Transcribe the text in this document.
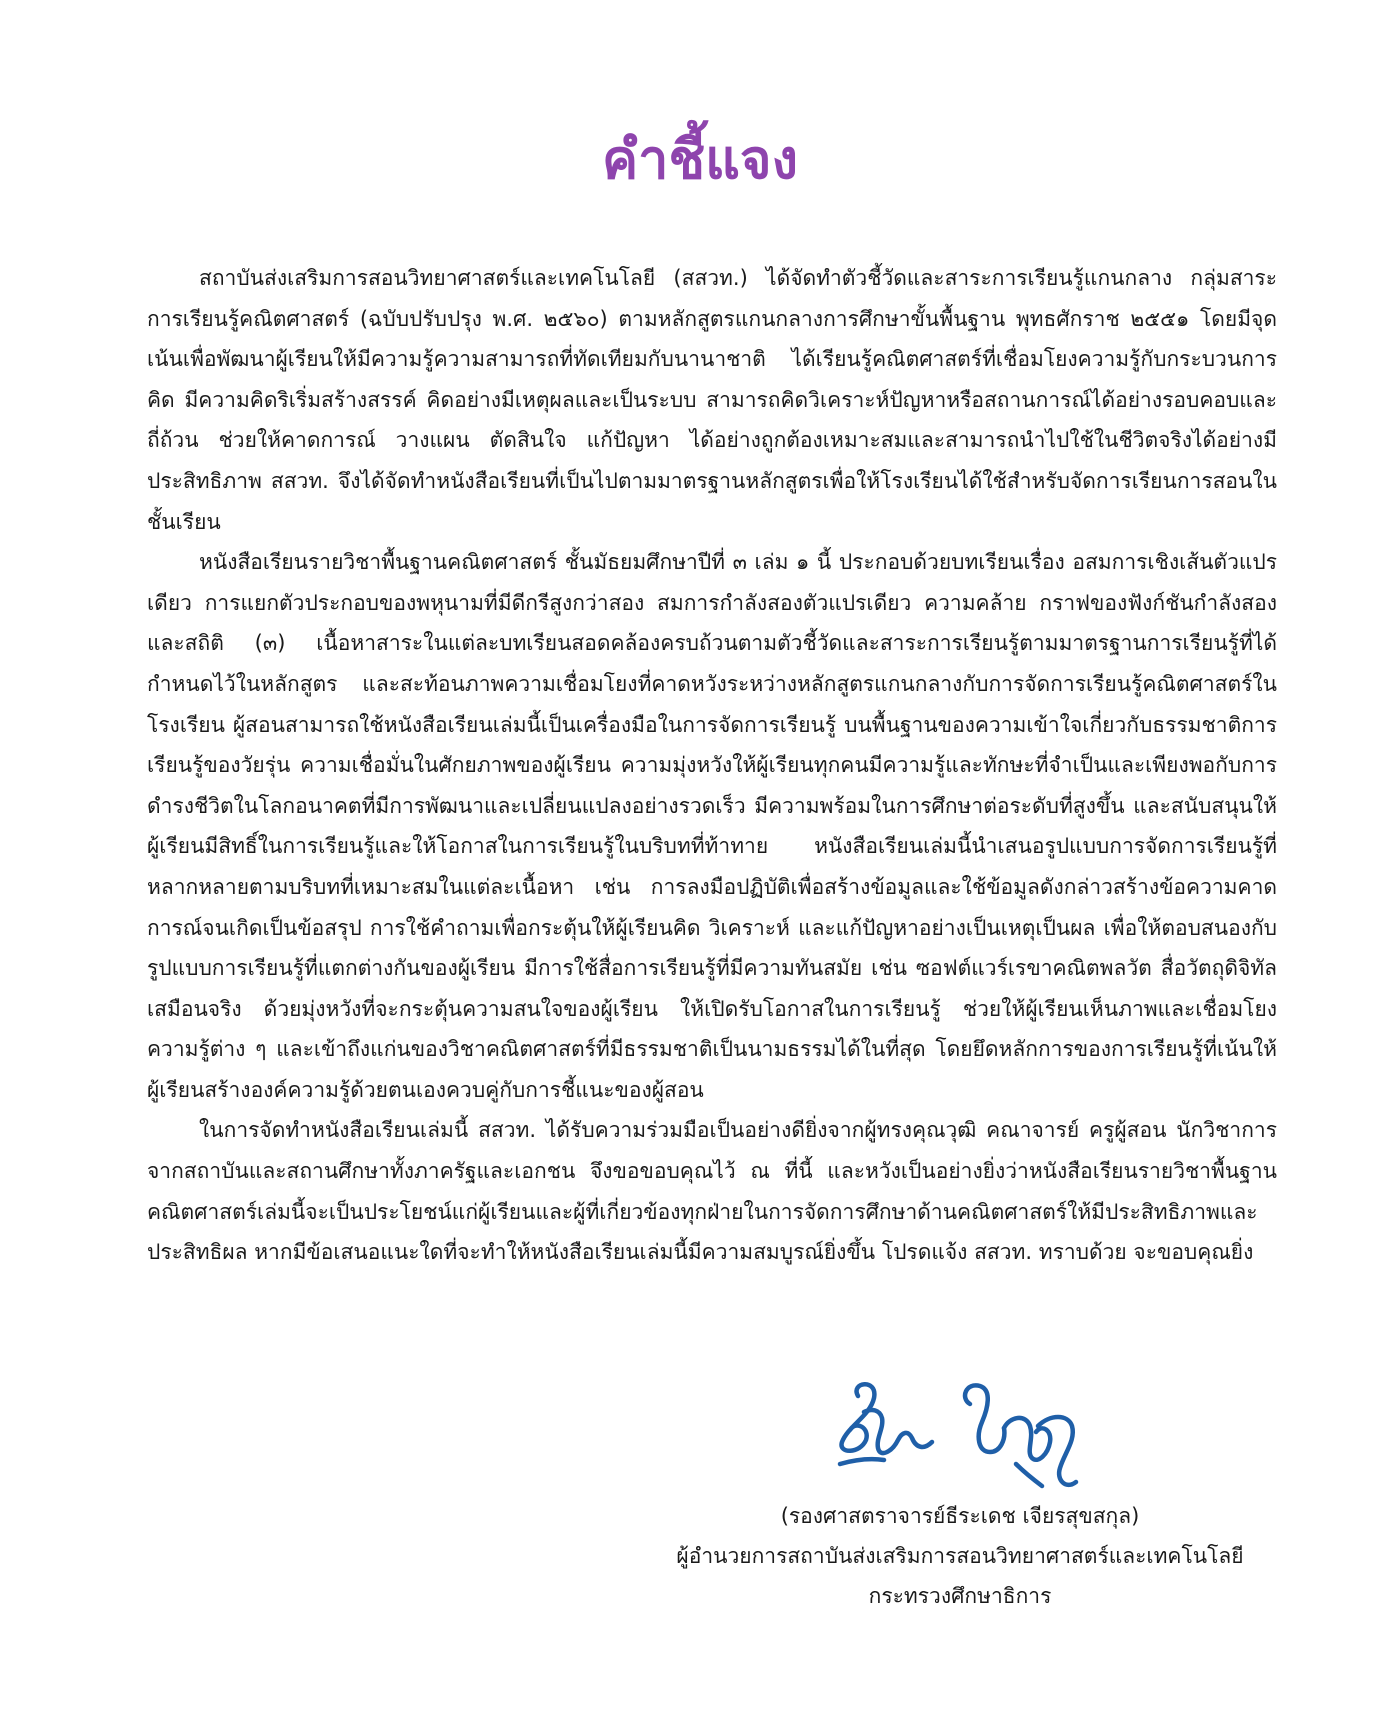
คำชี้แจง

สถาบันส่งเสริมการสอนวิทยาศาสตร์และเทคโนโลยี (สสวท.) ได้จัดทำตัวชี้วัดและสาระการเรียนรู้แกนกลาง กลุ่มสาระการเรียนรู้คณิตศาสตร์ (ฉบับปรับปรุง พ.ศ. ๒๕๖๐) ตามหลักสูตรแกนกลางการศึกษาขั้นพื้นฐาน พุทธศักราช ๒๕๕๑ โดยมีจุดเน้นเพื่อพัฒนาผู้เรียนให้มีความรู้ความสามารถที่ทัดเทียมกับนานาชาติ ได้เรียนรู้คณิตศาสตร์ที่เชื่อมโยงความรู้กับกระบวนการคิด มีความคิดริเริ่มสร้างสรรค์ คิดอย่างมีเหตุผลและเป็นระบบ สามารถคิดวิเคราะห์ปัญหาหรือสถานการณ์ได้อย่างรอบคอบและถี่ถ้วน ช่วยให้คาดการณ์ วางแผน ตัดสินใจ แก้ปัญหา ได้อย่างถูกต้องเหมาะสมและสามารถนำไปใช้ในชีวิตจริงได้อย่างมีประสิทธิภาพ สสวท. จึงได้จัดทำหนังสือเรียนที่เป็นไปตามมาตรฐานหลักสูตรเพื่อให้โรงเรียนได้ใช้สำหรับจัดการเรียนการสอนในชั้นเรียน

หนังสือเรียนรายวิชาพื้นฐานคณิตศาสตร์ ชั้นมัธยมศึกษาปีที่ ๓ เล่ม ๑ นี้ ประกอบด้วยบทเรียนเรื่อง อสมการเชิงเส้นตัวแปรเดียว การแยกตัวประกอบของพหุนามที่มีดีกรีสูงกว่าสอง สมการกำลังสองตัวแปรเดียว ความคล้าย กราฟของฟังก์ชันกำลังสอง และสถิติ (๓) เนื้อหาสาระในแต่ละบทเรียนสอดคล้องครบถ้วนตามตัวชี้วัดและสาระการเรียนรู้ตามมาตรฐานการเรียนรู้ที่ได้กำหนดไว้ในหลักสูตร และสะท้อนภาพความเชื่อมโยงที่คาดหวังระหว่างหลักสูตรแกนกลางกับการจัดการเรียนรู้คณิตศาสตร์ในโรงเรียน ผู้สอนสามารถใช้หนังสือเรียนเล่มนี้เป็นเครื่องมือในการจัดการเรียนรู้ บนพื้นฐานของความเข้าใจเกี่ยวกับธรรมชาติการเรียนรู้ของวัยรุ่น ความเชื่อมั่นในศักยภาพของผู้เรียน ความมุ่งหวังให้ผู้เรียนทุกคนมีความรู้และทักษะที่จำเป็นและเพียงพอกับการดำรงชีวิตในโลกอนาคตที่มีการพัฒนาและเปลี่ยนแปลงอย่างรวดเร็ว มีความพร้อมในการศึกษาต่อระดับที่สูงขึ้น และสนับสนุนให้ผู้เรียนมีสิทธิ์ในการเรียนรู้และให้โอกาสในการเรียนรู้ในบริบทที่ท้าทาย หนังสือเรียนเล่มนี้นำเสนอรูปแบบการจัดการเรียนรู้ที่หลากหลายตามบริบทที่เหมาะสมในแต่ละเนื้อหา เช่น การลงมือปฏิบัติเพื่อสร้างข้อมูลและใช้ข้อมูลดังกล่าวสร้างข้อความคาดการณ์จนเกิดเป็นข้อสรุป การใช้คำถามเพื่อกระตุ้นให้ผู้เรียนคิด วิเคราะห์ และแก้ปัญหาอย่างเป็นเหตุเป็นผล เพื่อให้ตอบสนองกับรูปแบบการเรียนรู้ที่แตกต่างกันของผู้เรียน มีการใช้สื่อการเรียนรู้ที่มีความทันสมัย เช่น ซอฟต์แวร์เรขาคณิตพลวัต สื่อวัตถุดิจิทัลเสมือนจริง ด้วยมุ่งหวังที่จะกระตุ้นความสนใจของผู้เรียน ให้เปิดรับโอกาสในการเรียนรู้ ช่วยให้ผู้เรียนเห็นภาพและเชื่อมโยงความรู้ต่าง ๆ และเข้าถึงแก่นของวิชาคณิตศาสตร์ที่มีธรรมชาติเป็นนามธรรมได้ในที่สุด โดยยึดหลักการของการเรียนรู้ที่เน้นให้ผู้เรียนสร้างองค์ความรู้ด้วยตนเองควบคู่กับการชี้แนะของผู้สอน

ในการจัดทำหนังสือเรียนเล่มนี้ สสวท. ได้รับความร่วมมือเป็นอย่างดียิ่งจากผู้ทรงคุณวุฒิ คณาจารย์ ครูผู้สอน นักวิชาการจากสถาบันและสถานศึกษาทั้งภาครัฐและเอกชน จึงขอขอบคุณไว้ ณ ที่นี้ และหวังเป็นอย่างยิ่งว่าหนังสือเรียนรายวิชาพื้นฐานคณิตศาสตร์เล่มนี้จะเป็นประโยชน์แก่ผู้เรียนและผู้ที่เกี่ยวข้องทุกฝ่ายในการจัดการศึกษาด้านคณิตศาสตร์ให้มีประสิทธิภาพและประสิทธิผล หากมีข้อเสนอแนะใดที่จะทำให้หนังสือเรียนเล่มนี้มีความสมบูรณ์ยิ่งขึ้น โปรดแจ้ง สสวท. ทราบด้วย จะขอบคุณยิ่ง

(รองศาสตราจารย์ธีระเดช เจียรสุขสกุล)
ผู้อำนวยการสถาบันส่งเสริมการสอนวิทยาศาสตร์และเทคโนโลยี
กระทรวงศึกษาธิการ
